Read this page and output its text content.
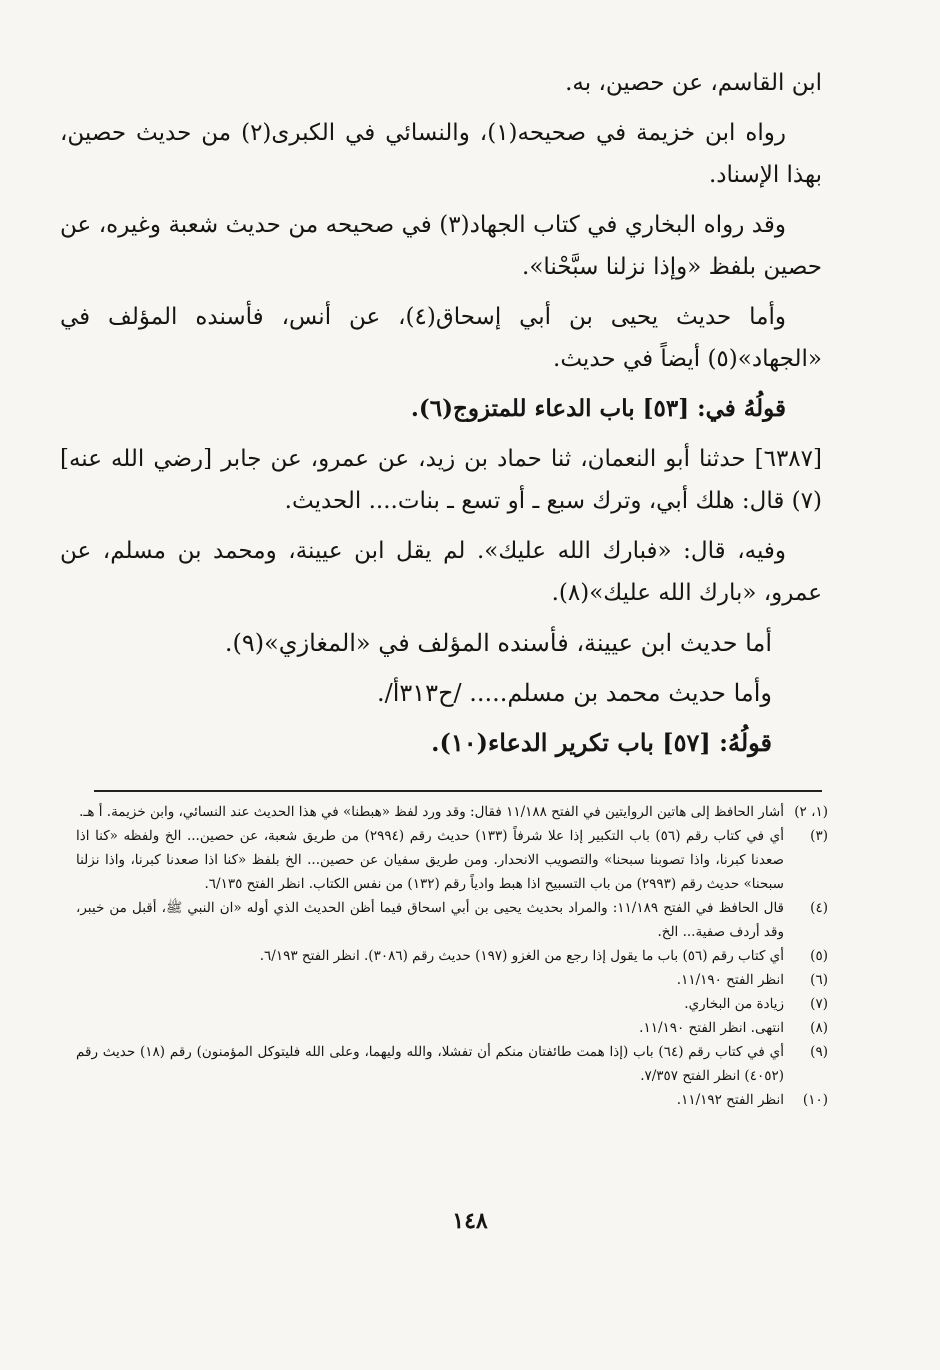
ابن القاسم، عن حصين، به.

رواه ابن خزيمة في صحيحه(١)، والنسائي في الكبرى(٢) من حديث حصين، بهذا الإسناد.

وقد رواه البخاري في كتاب الجهاد(٣) في صحيحه من حديث شعبة وغيره، عن حصين بلفظ «وإذا نزلنا سبَّحْنا».

وأما حديث يحيى بن أبي إسحاق(٤)، عن أنس، فأسنده المؤلف في «الجهاد»(٥) أيضاً في حديث.

قولُهُ في: [٥٣] باب الدعاء للمتزوج(٦).

[٦٣٨٧] حدثنا أبو النعمان، ثنا حماد بن زيد، عن عمرو، عن جابر [رضي الله عنه](٧) قال: هلك أبي، وترك سبع ـ أو تسع ـ بنات.... الحديث.

وفيه، قال: «فبارك الله عليك». لم يقل ابن عيينة، ومحمد بن مسلم، عن عمرو، «بارك الله عليك»(٨).

أما حديث ابن عيينة، فأسنده المؤلف في «المغازي»(٩).

وأما حديث محمد بن مسلم..... /ح٣١٣أ/.

قولُهُ: [٥٧] باب تكرير الدعاء(١٠).

(١، ٢)
أشار الحافظ إلى هاتين الروايتين في الفتح ١١/١٨٨ فقال: وقد ورد لفظ «هبطنا» في هذا الحديث عند النسائي، وابن خزيمة. أ هـ.
(٣)
أي في كتاب رقم (٥٦) باب التكبير إذا علا شرفاً (١٣٣) حديث رقم (٢٩٩٤) من طريق شعبة، عن حصين... الخ ولفظه «كنا اذا صعدنا كبرنا، واذا تصوبنا سبحنا» والتصويب الانحدار. ومن طريق سفيان عن حصين... الخ بلفظ «كنا اذا صعدنا كبرنا، واذا نزلنا سبحنا» حديث رقم (٢٩٩٣) من باب التسبيح اذا هبط وادياً رقم (١٣٢) من نفس الكتاب. انظر الفتح ٦/١٣٥.
(٤)
قال الحافظ في الفتح ١١/١٨٩: والمراد بحديث يحيى بن أبي اسحاق فيما أظن الحديث الذي أوله «ان النبي ﷺ، أقبل من خيبر، وقد أردف صفية... الخ.
(٥)
أي كتاب رقم (٥٦) باب ما يقول إذا رجع من الغزو (١٩٧) حديث رقم (٣٠٨٦). انظر الفتح ٦/١٩٣.
(٦)
انظر الفتح ١١/١٩٠.
(٧)
زيادة من البخاري.
(٨)
انتهى. انظر الفتح ١١/١٩٠.
(٩)
أي في كتاب رقم (٦٤) باب (إذا همت طائفتان منكم أن تفشلا، والله وليهما، وعلى الله فليتوكل المؤمنون) رقم (١٨) حديث رقم (٤٠٥٢) انظر الفتح ٧/٣٥٧.
(١٠)
انظر الفتح ١١/١٩٢.
١٤٨
